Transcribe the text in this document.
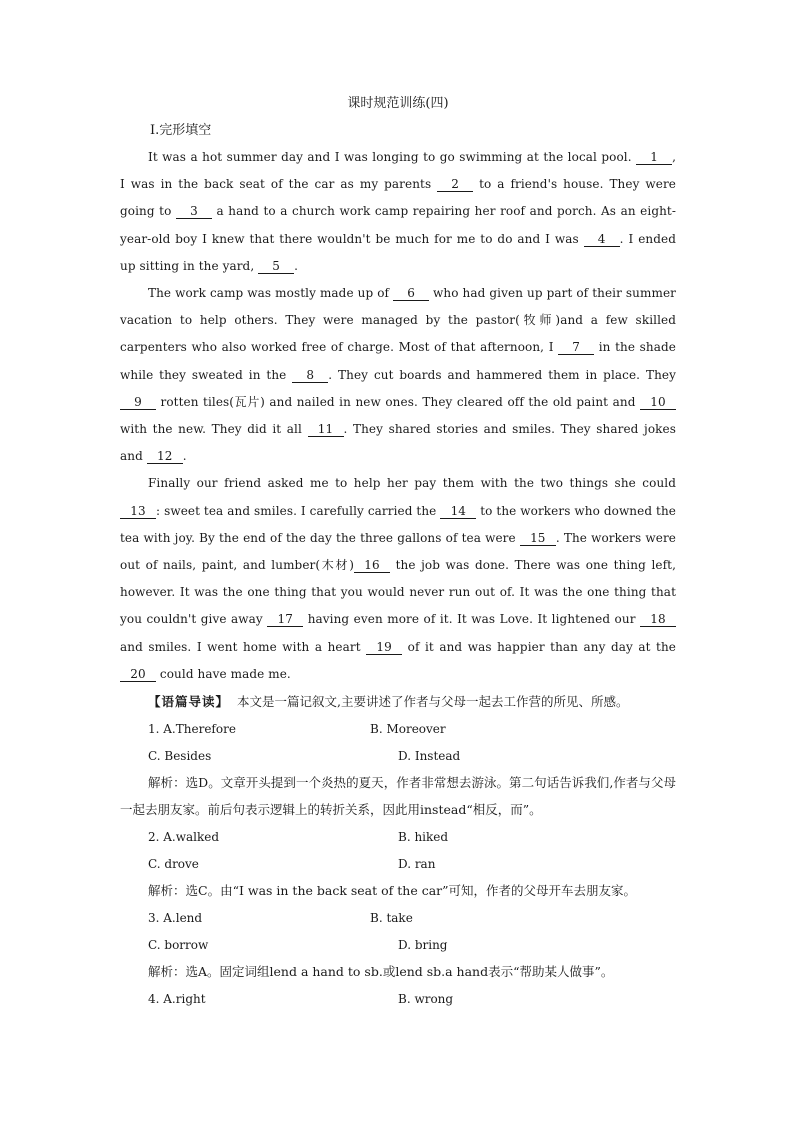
课时规范训练(四)
Ⅰ.完形填空

It was a hot summer day and I was longing to go swimming at the local pool. 1 , I was in the back seat of the car as my parents 2 to a friend's house. They were going to 3 a hand to a church work camp repairing her roof and porch. As an eight-year-old boy I knew that there wouldn't be much for me to do and I was 4 . I ended up sitting in the yard, 5 .

The work camp was mostly made up of 6 who had given up part of their summer vacation to help others. They were managed by the pastor(牧师)and a few skilled carpenters who also worked free of charge. Most of that afternoon, I 7 in the shade while they sweated in the 8 . They cut boards and hammered them in place. They 9 rotten tiles(瓦片) and nailed in new ones. They cleared off the old paint and 10 with the new. They did it all 11 . They shared stories and smiles. They shared jokes and 12 .

Finally our friend asked me to help her pay them with the two things she could 13 : sweet tea and smiles. I carefully carried the 14 to the workers who downed the tea with joy. By the end of the day the three gallons of tea were 15 . The workers were out of nails, paint, and lumber(木材) 16 the job was done. There was one thing left, however. It was the one thing that you would never run out of. It was the one thing that you couldn't give away 17 having even more of it. It was Love. It lightened our 18 and smiles. I went home with a heart 19 of it and was happier than any day at the 20 could have made me.

【语篇导读】 本文是一篇记叙文,主要讲述了作者与父母一起去工作营的所见、所感。

1. A.Therefore	B. Moreover
C. Besides	D. Instead

解析：选D。文章开头提到一个炎热的夏天，作者非常想去游泳。第二句话告诉我们,作者与父母一起去朋友家。前后句表示逻辑上的转折关系，因此用instead“相反，而”。

2. A.walked	B. hiked
C. drove	D. ran

解析：选C。由“I was in the back seat of the car”可知，作者的父母开车去朋友家。

3. A.lend	B. take
C. borrow	D. bring

解析：选A。固定词组lend a hand to sb.或lend sb.a hand表示“帮助某人做事”。

4. A.right	B. wrong
